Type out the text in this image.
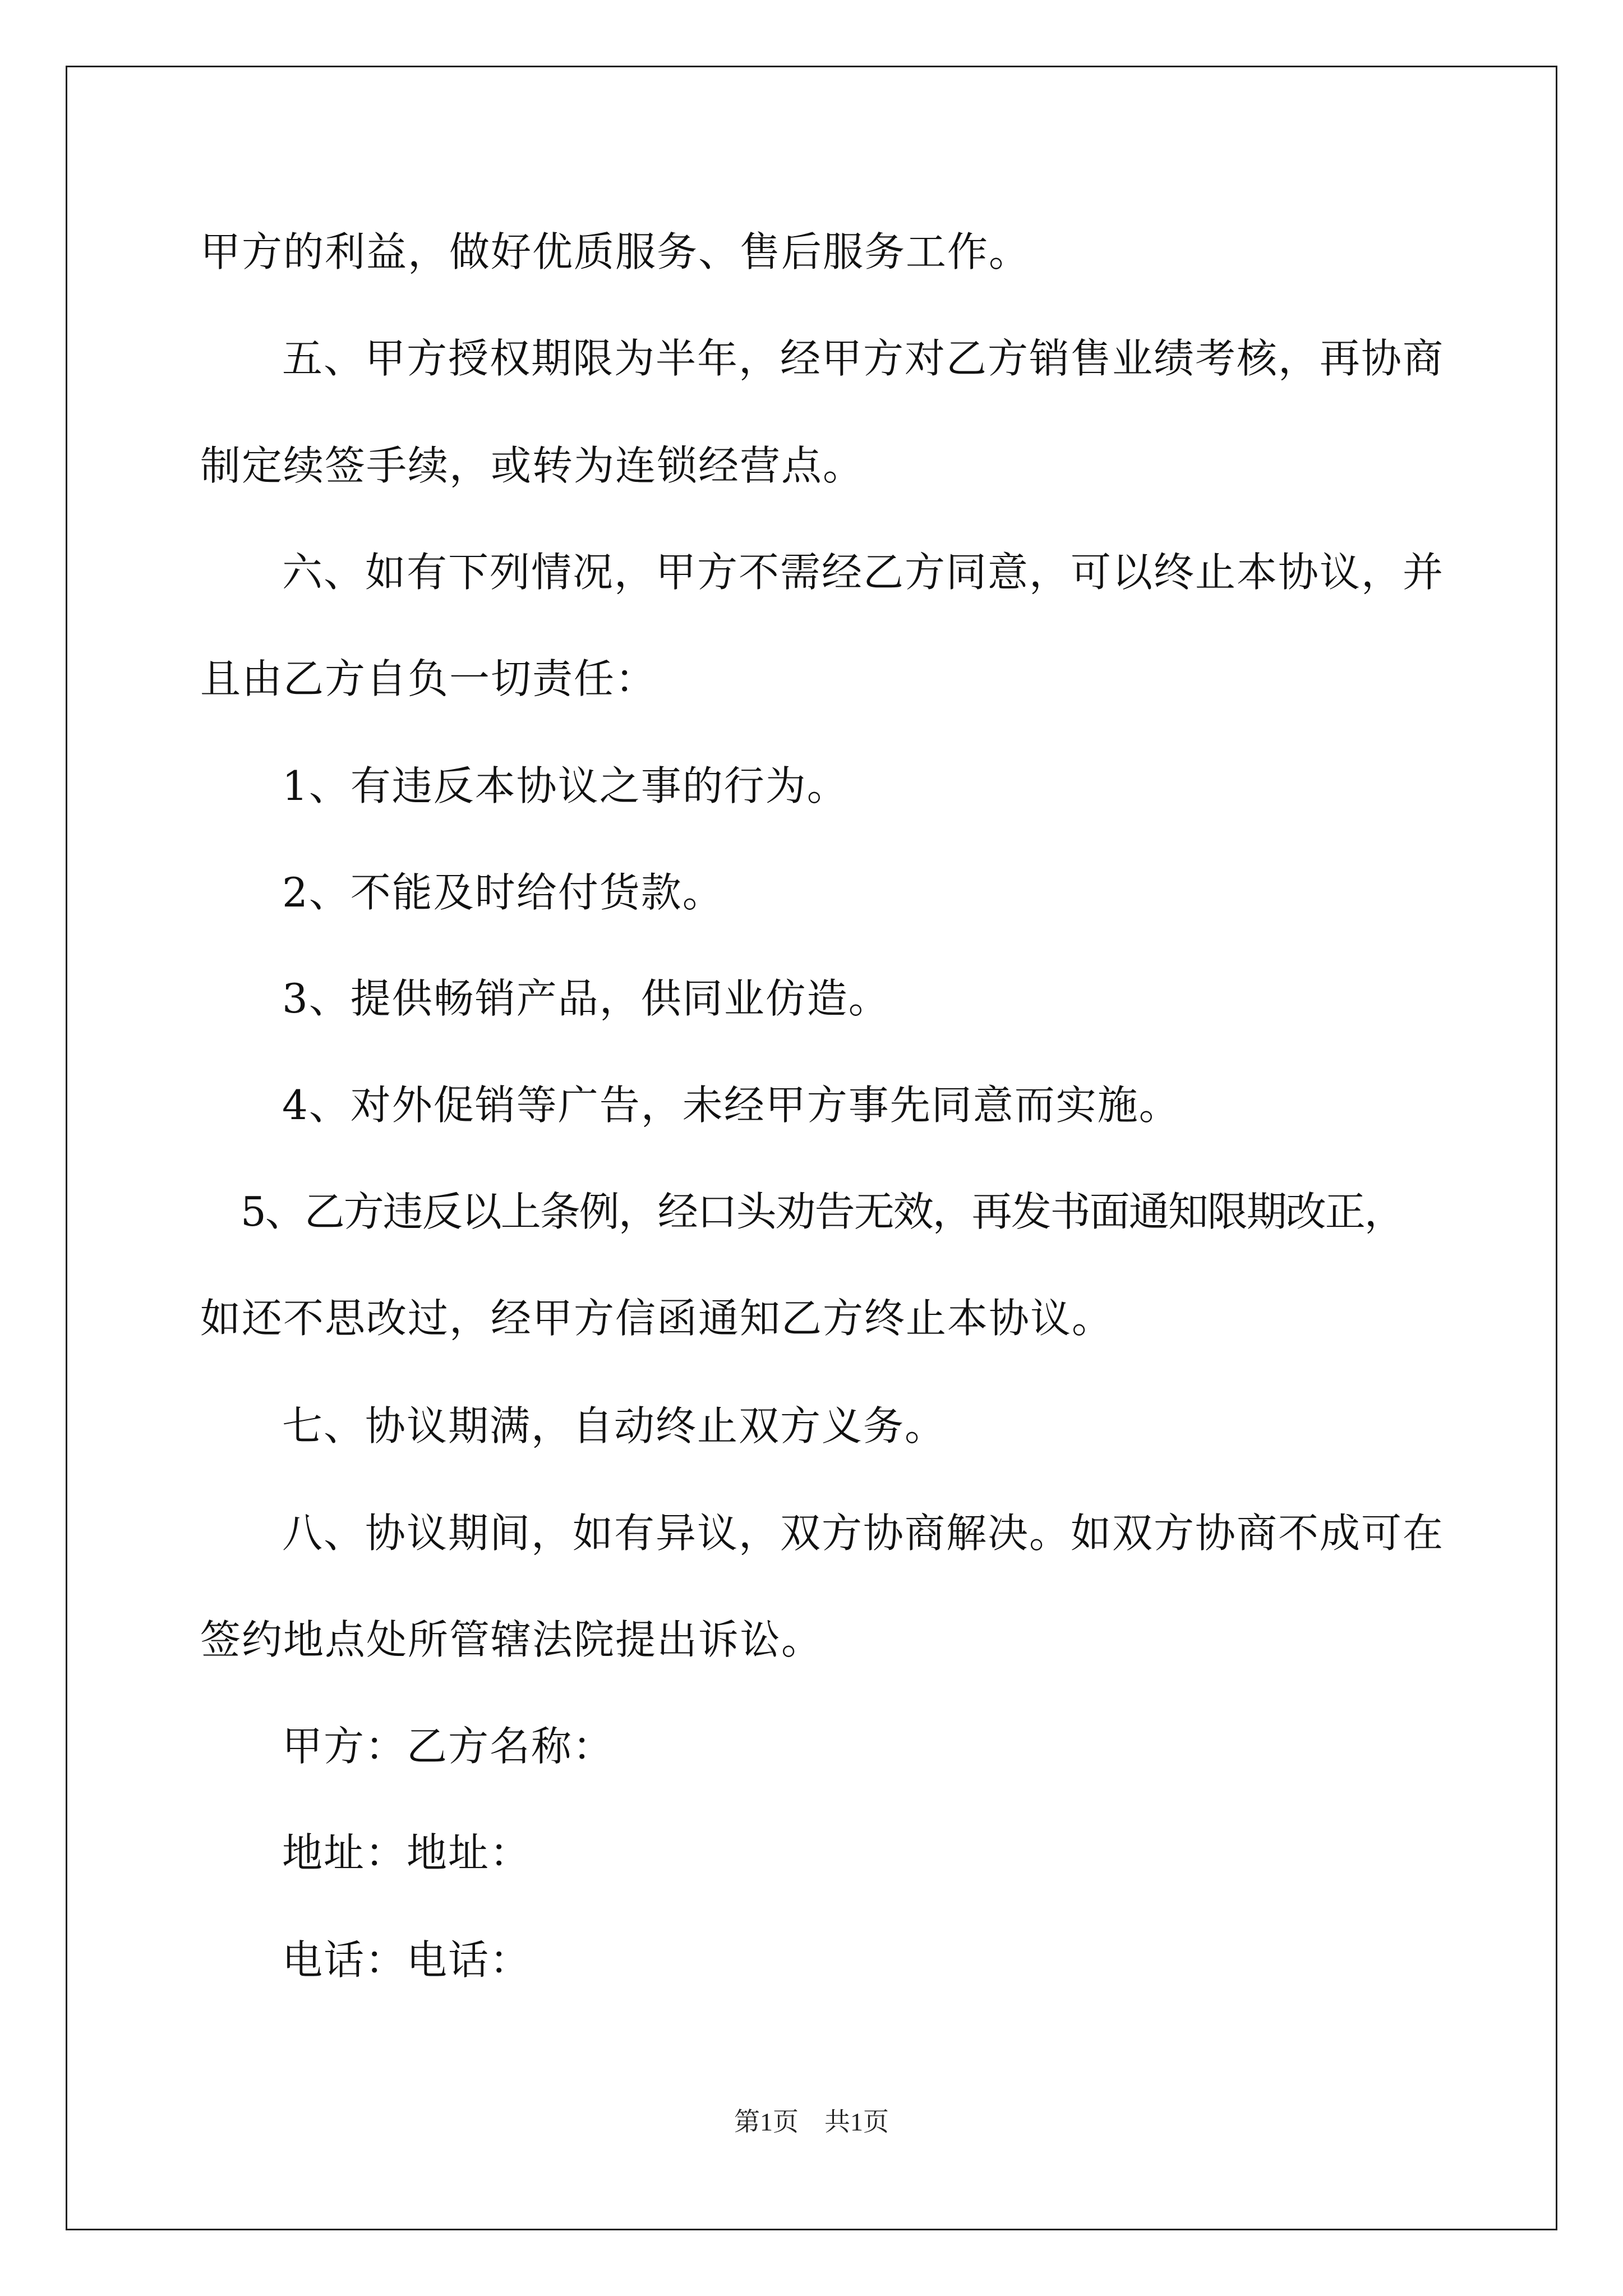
甲方的利益，做好优质服务、售后服务工作。
五、甲方授权期限为半年，经甲方对乙方销售业绩考核，再协商
制定续签手续，或转为连锁经营点。
六、如有下列情况，甲方不需经乙方同意，可以终止本协议，并
且由乙方自负一切责任：
1、有违反本协议之事的行为。
2、不能及时给付货款。
3、提供畅销产品，供同业仿造。
4、对外促销等广告，未经甲方事先同意而实施。
5、乙方违反以上条例，经口头劝告无效，再发书面通知限期改正，
如还不思改过，经甲方信函通知乙方终止本协议。
七、协议期满，自动终止双方义务。
八、协议期间，如有异议，双方协商解决。如双方协商不成可在
签约地点处所管辖法院提出诉讼。
甲方：乙方名称：
地址：地址：
电话：电话：
第1页　共1页
